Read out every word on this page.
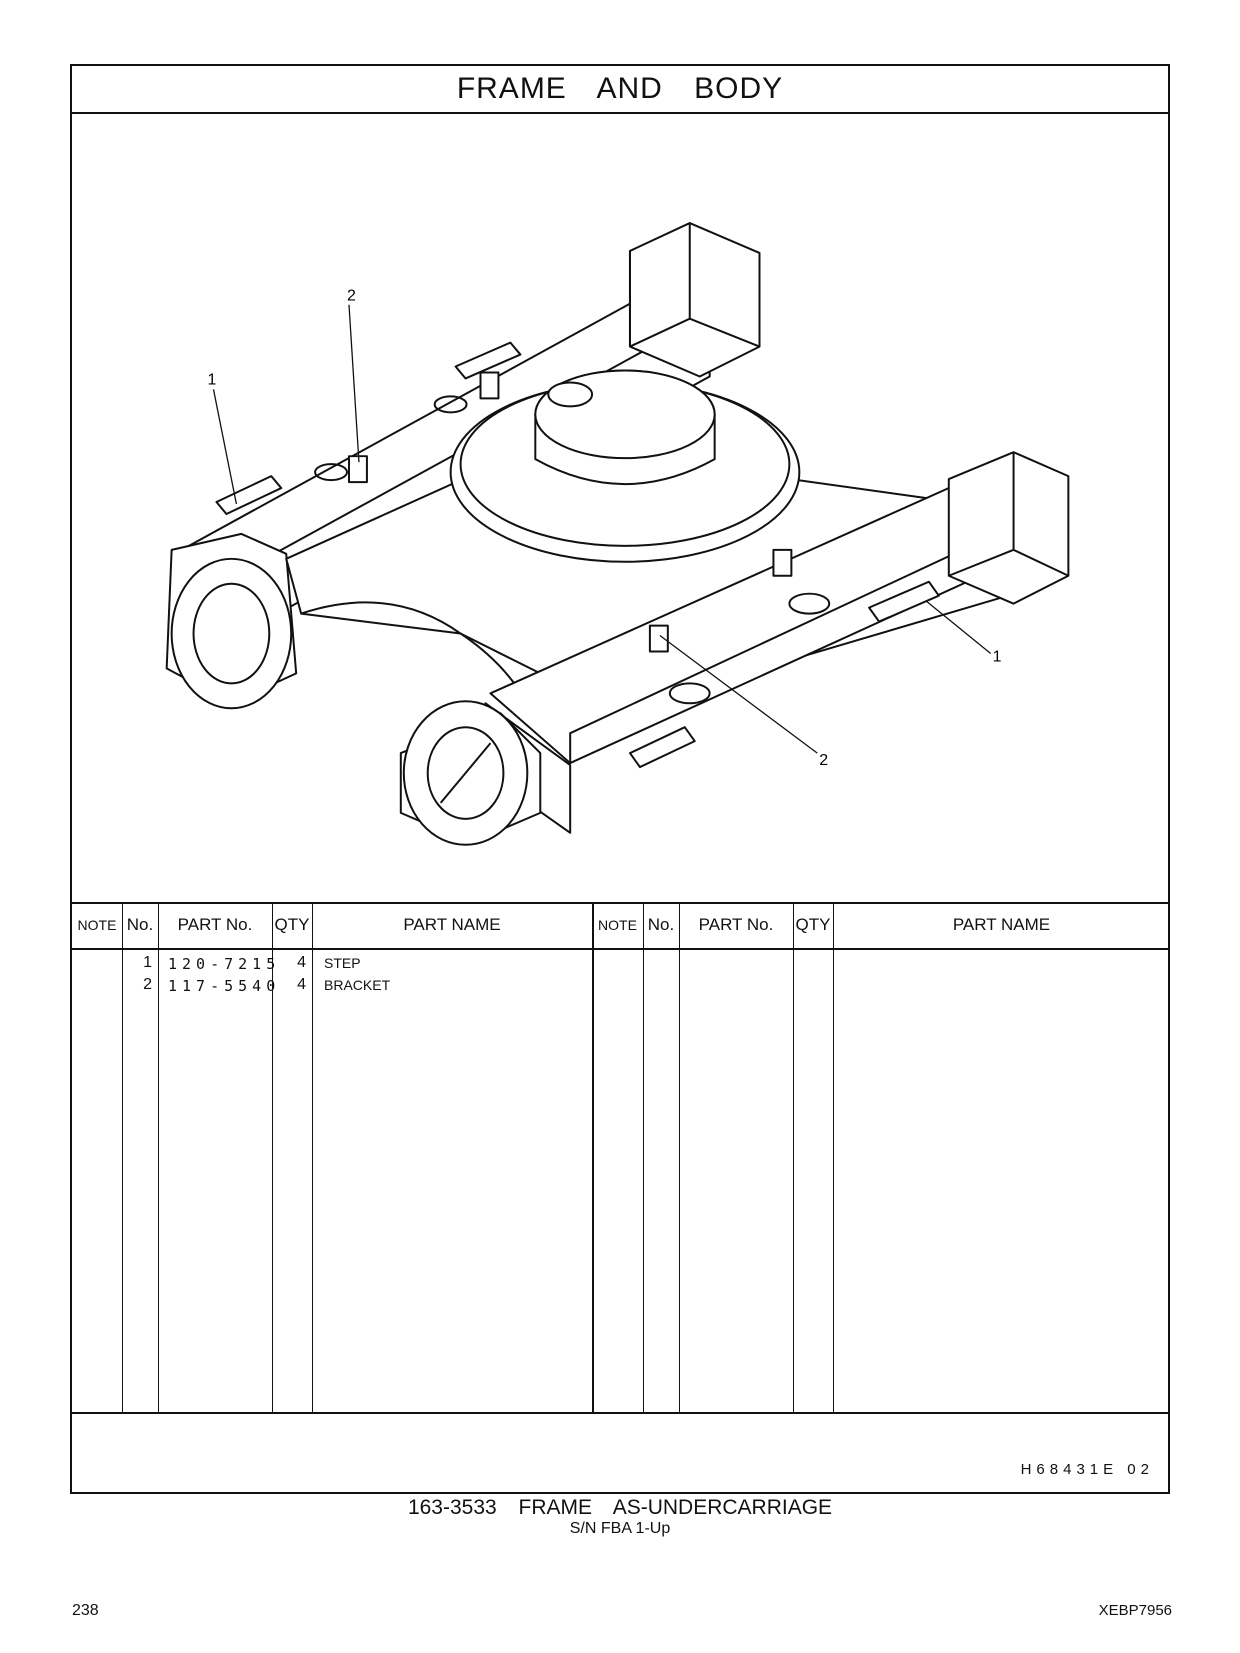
FRAME AND BODY
2
1
1
2
NOTE No.	PART No.	QTY	PART NAME	NOTE No.	PART No.	QTY	PART NAME
1 120-7215	4 STEP
2 117-5540	4 BRACKET
H68431E 02
163-3533 FRAME AS-UNDERCARRIAGE
S/N FBA 1-Up
238	XEBP7956
